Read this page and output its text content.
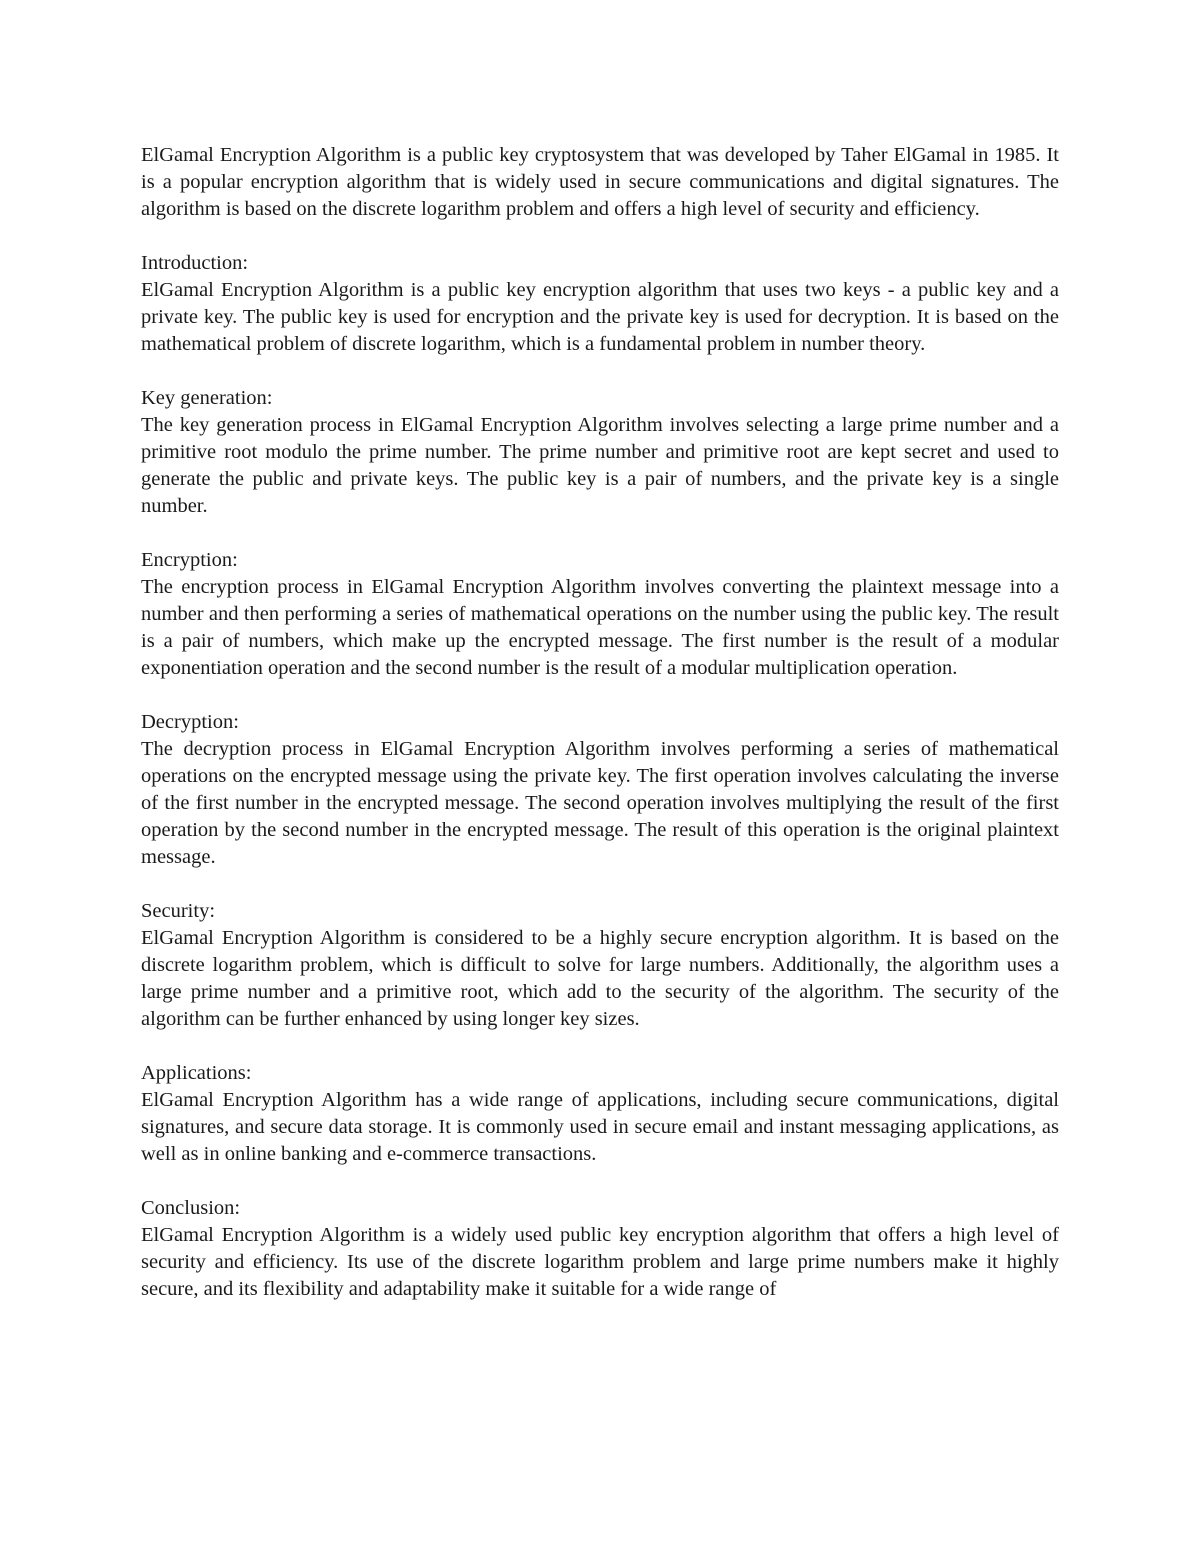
ElGamal Encryption Algorithm is a public key cryptosystem that was developed by Taher ElGamal in 1985. It is a popular encryption algorithm that is widely used in secure communications and digital signatures. The algorithm is based on the discrete logarithm problem and offers a high level of security and efficiency.

Introduction:
ElGamal Encryption Algorithm is a public key encryption algorithm that uses two keys - a public key and a private key. The public key is used for encryption and the private key is used for decryption. It is based on the mathematical problem of discrete logarithm, which is a fundamental problem in number theory.
Key generation:
The key generation process in ElGamal Encryption Algorithm involves selecting a large prime number and a primitive root modulo the prime number. The prime number and primitive root are kept secret and used to generate the public and private keys. The public key is a pair of numbers, and the private key is a single number.
Encryption:
The encryption process in ElGamal Encryption Algorithm involves converting the plaintext message into a number and then performing a series of mathematical operations on the number using the public key. The result is a pair of numbers, which make up the encrypted message. The first number is the result of a modular exponentiation operation and the second number is the result of a modular multiplication operation.
Decryption:
The decryption process in ElGamal Encryption Algorithm involves performing a series of mathematical operations on the encrypted message using the private key. The first operation involves calculating the inverse of the first number in the encrypted message. The second operation involves multiplying the result of the first operation by the second number in the encrypted message. The result of this operation is the original plaintext message.
Security:
ElGamal Encryption Algorithm is considered to be a highly secure encryption algorithm. It is based on the discrete logarithm problem, which is difficult to solve for large numbers. Additionally, the algorithm uses a large prime number and a primitive root, which add to the security of the algorithm. The security of the algorithm can be further enhanced by using longer key sizes.
Applications:
ElGamal Encryption Algorithm has a wide range of applications, including secure communications, digital signatures, and secure data storage. It is commonly used in secure email and instant messaging applications, as well as in online banking and e-commerce transactions.
Conclusion:
ElGamal Encryption Algorithm is a widely used public key encryption algorithm that offers a high level of security and efficiency. Its use of the discrete logarithm problem and large prime numbers make it highly secure, and its flexibility and adaptability make it suitable for a wide range of
